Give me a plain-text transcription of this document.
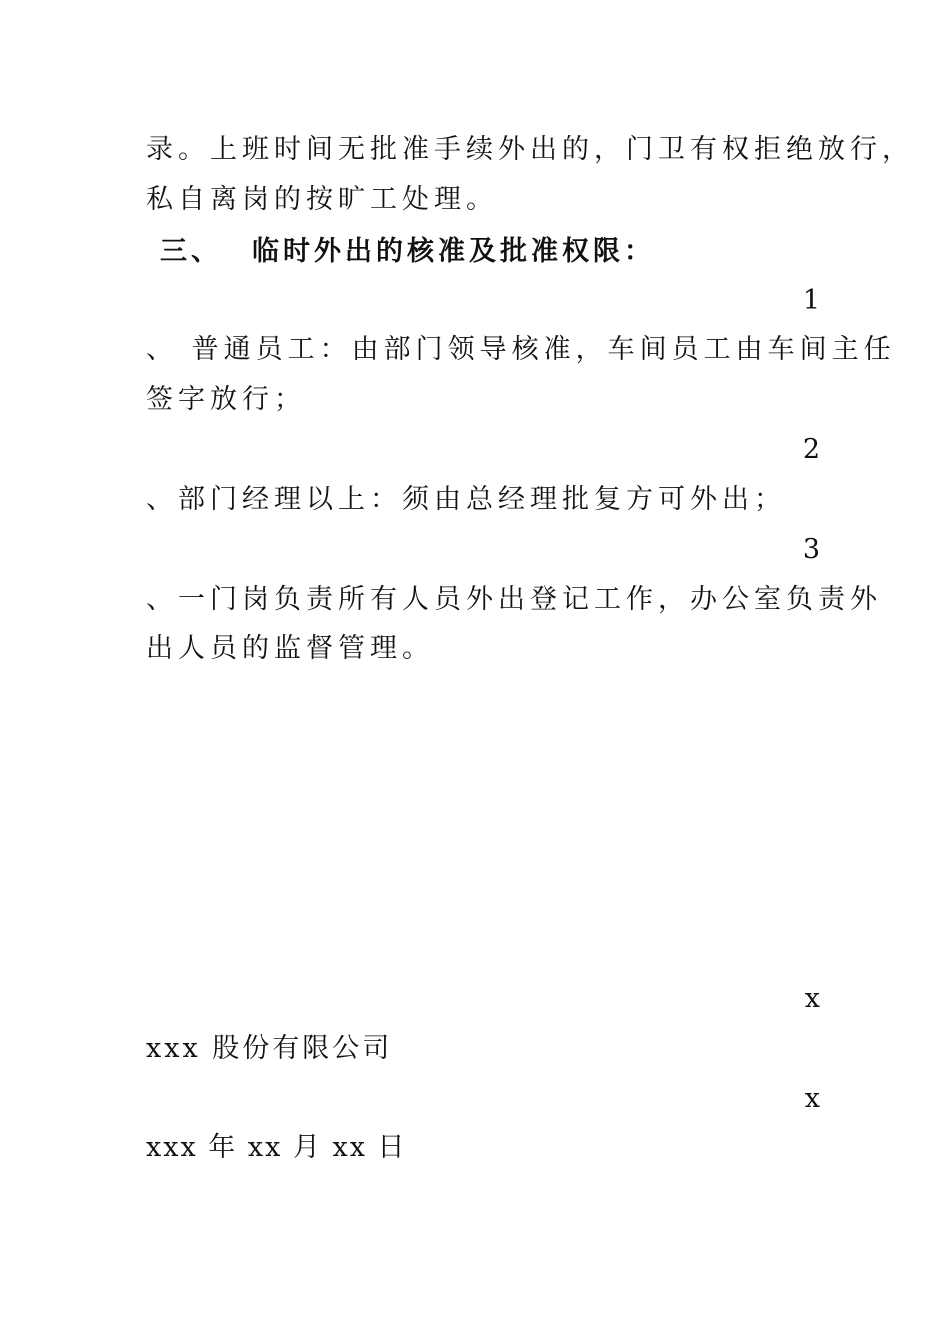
录。上班时间无批准手续外出的，门卫有权拒绝放行，
私自离岗的按旷工处理。
三、 临时外出的核准及批准权限：
1
、 普通员工：由部门领导核准，车间员工由车间主任
签字放行；
2
、部门经理以上：须由总经理批复方可外出；
3
、一门岗负责所有人员外出登记工作，办公室负责外
出人员的监督管理。
x
xxx 股份有限公司
x
xxx 年 xx 月 xx 日
